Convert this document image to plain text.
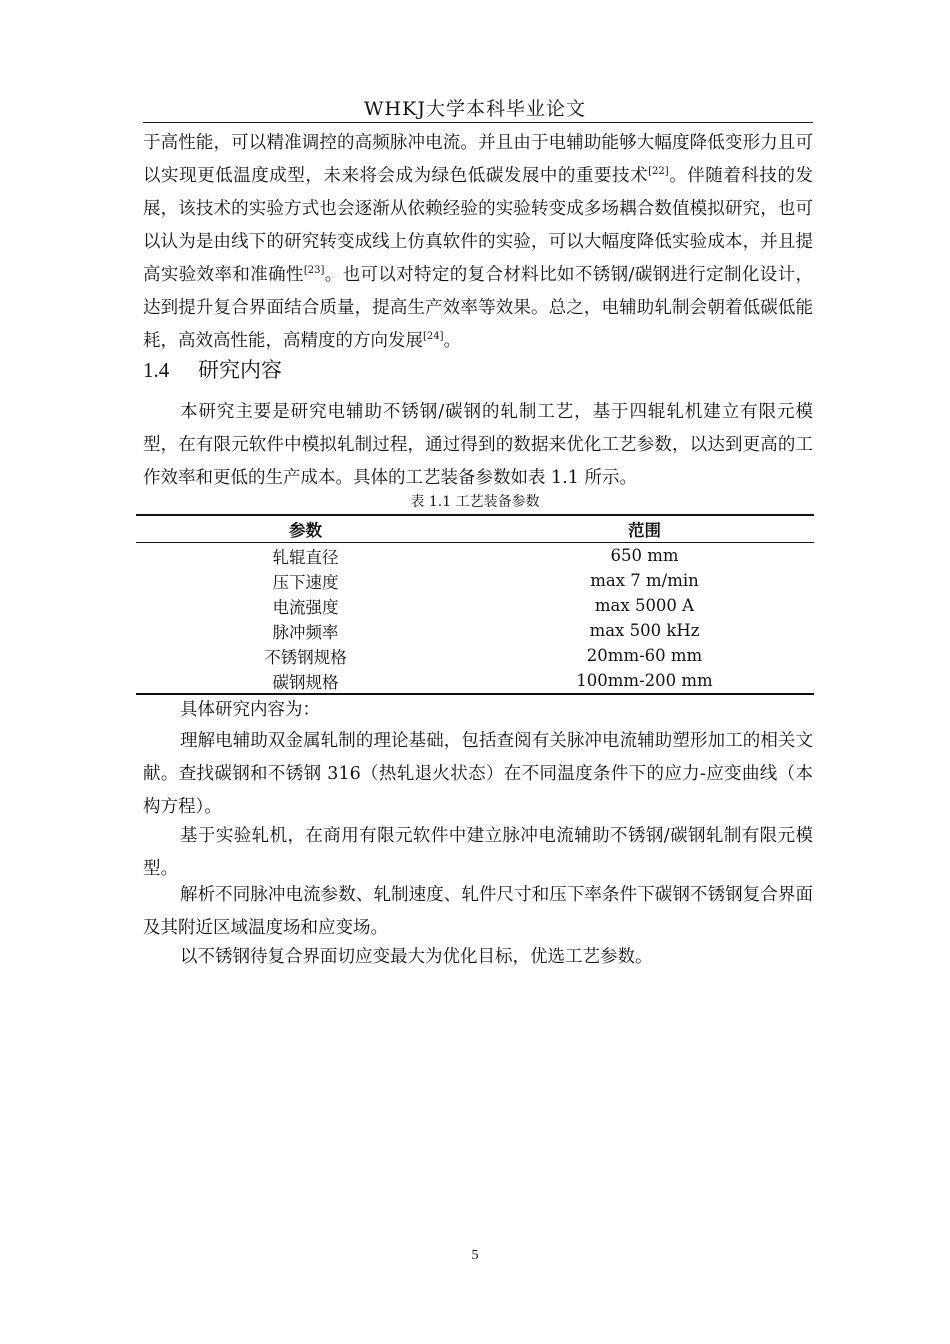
WHKJ大学本科毕业论文

于高性能，可以精准调控的高频脉冲电流。并且由于电辅助能够大幅度降低变形力且可以实现更低温度成型，未来将会成为绿色低碳发展中的重要技术[22]。伴随着科技的发展，该技术的实验方式也会逐渐从依赖经验的实验转变成多场耦合数值模拟研究，也可以认为是由线下的研究转变成线上仿真软件的实验，可以大幅度降低实验成本，并且提高实验效率和准确性[23]。也可以对特定的复合材料比如不锈钢/碳钢进行定制化设计，达到提升复合界面结合质量，提高生产效率等效果。总之，电辅助轧制会朝着低碳低能耗，高效高性能，高精度的方向发展[24]。

1.4 研究内容

本研究主要是研究电辅助不锈钢/碳钢的轧制工艺，基于四辊轧机建立有限元模型，在有限元软件中模拟轧制过程，通过得到的数据来优化工艺参数，以达到更高的工作效率和更低的生产成本。具体的工艺装备参数如表 1.1 所示。

表 1.1 工艺装备参数
参数	范围
轧辊直径	650 mm
压下速度	max 7 m/min
电流强度	max 5000 A
脉冲频率	max 500 kHz
不锈钢规格	20mm-60 mm
碳钢规格	100mm-200 mm

具体研究内容为：

理解电辅助双金属轧制的理论基础，包括查阅有关脉冲电流辅助塑形加工的相关文献。查找碳钢和不锈钢 316（热轧退火状态）在不同温度条件下的应力-应变曲线（本构方程）。

基于实验轧机，在商用有限元软件中建立脉冲电流辅助不锈钢/碳钢轧制有限元模型。

解析不同脉冲电流参数、轧制速度、轧件尺寸和压下率条件下碳钢不锈钢复合界面及其附近区域温度场和应变场。

以不锈钢待复合界面切应变最大为优化目标，优选工艺参数。

5
